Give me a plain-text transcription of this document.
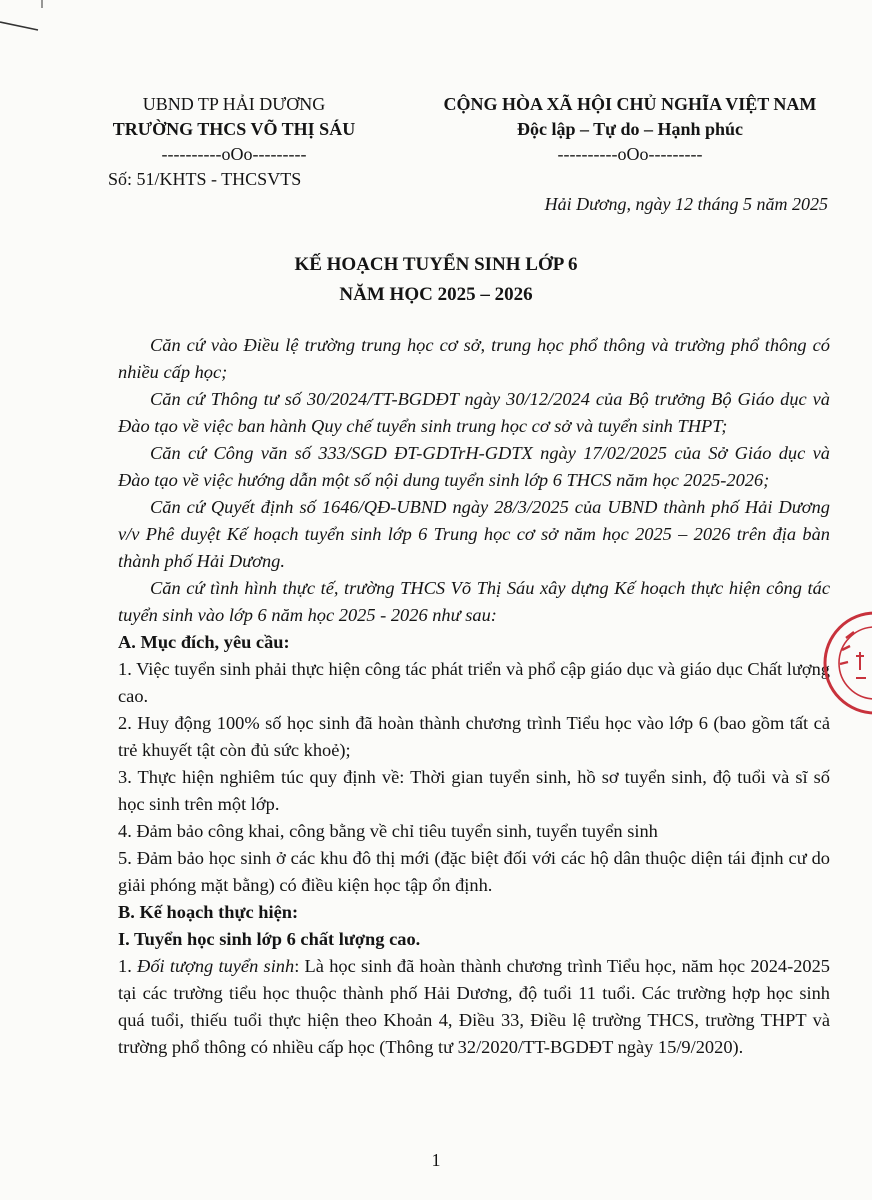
UBND TP HẢI DƯƠNG
TRƯỜNG THCS VÕ THỊ SÁU
----------oOo---------
Số: 51/KHTS - THCSVTS
CỘNG HÒA XÃ HỘI CHỦ NGHĨA VIỆT NAM
Độc lập – Tự do – Hạnh phúc
----------oOo---------
Hải Dương, ngày 12 tháng 5 năm 2025
KẾ HOẠCH TUYỂN SINH LỚP 6
NĂM HỌC 2025 – 2026

Căn cứ vào Điều lệ trường trung học cơ sở, trung học phổ thông và trường phổ thông có nhiều cấp học;

Căn cứ Thông tư số 30/2024/TT-BGDĐT ngày 30/12/2024 của Bộ trưởng Bộ Giáo dục và Đào tạo về việc ban hành Quy chế tuyển sinh trung học cơ sở và tuyển sinh THPT;

Căn cứ Công văn số 333/SGD ĐT-GDTrH-GDTX ngày 17/02/2025 của Sở Giáo dục và Đào tạo về việc hướng dẫn một số nội dung tuyển sinh lớp 6 THCS năm học 2025-2026;

Căn cứ Quyết định số 1646/QĐ-UBND ngày 28/3/2025 của UBND thành phố Hải Dương v/v Phê duyệt Kế hoạch tuyển sinh lớp 6 Trung học cơ sở năm học 2025 – 2026 trên địa bàn thành phố Hải Dương.

Căn cứ tình hình thực tế, trường THCS Võ Thị Sáu xây dựng Kế hoạch thực hiện công tác tuyển sinh vào lớp 6 năm học 2025 - 2026 như sau:

A. Mục đích, yêu cầu:

1. Việc tuyển sinh phải thực hiện công tác phát triển và phổ cập giáo dục và giáo dục Chất lượng cao.

2. Huy động 100% số học sinh đã hoàn thành chương trình Tiểu học vào lớp 6 (bao gồm tất cả trẻ khuyết tật còn đủ sức khoẻ);

3. Thực hiện nghiêm túc quy định về: Thời gian tuyển sinh, hồ sơ tuyển sinh, độ tuổi và sĩ số học sinh trên một lớp.

4. Đảm bảo công khai, công bằng về chỉ tiêu tuyển sinh, tuyển tuyển sinh

5. Đảm bảo học sinh ở các khu đô thị mới (đặc biệt đối với các hộ dân thuộc diện tái định cư do giải phóng mặt bằng) có điều kiện học tập ổn định.

B. Kế hoạch thực hiện:

I. Tuyển học sinh lớp 6 chất lượng cao.

1. Đối tượng tuyển sinh: Là học sinh đã hoàn thành chương trình Tiểu học, năm học 2024-2025 tại các trường tiểu học thuộc thành phố Hải Dương, độ tuổi 11 tuổi. Các trường hợp học sinh quá tuổi, thiếu tuổi thực hiện theo Khoản 4, Điều 33, Điều lệ trường THCS, trường THPT và trường phổ thông có nhiều cấp học (Thông tư 32/2020/TT-BGDĐT ngày 15/9/2020).

1
